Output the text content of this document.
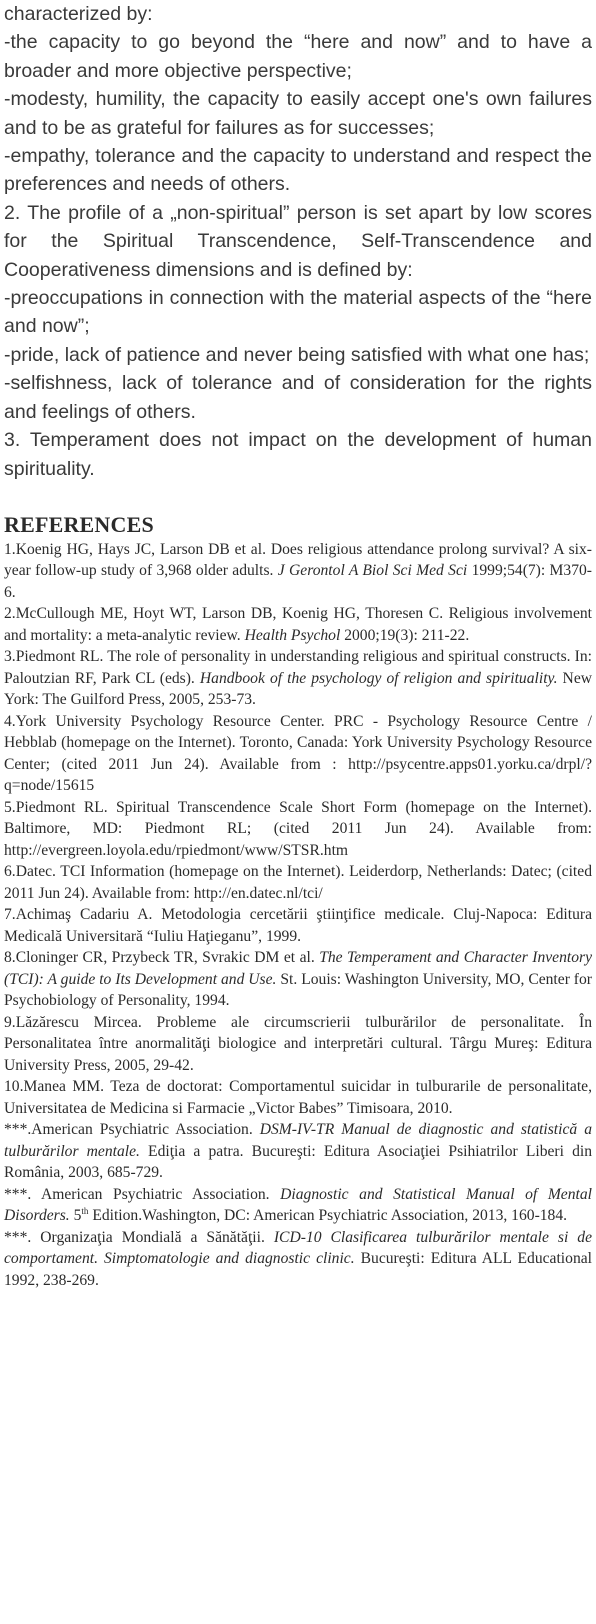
characterized by:

-the capacity to go beyond the “here and now” and to have a broader and more objective perspective;

-modesty, humility, the capacity to easily accept one's own failures and to be as grateful for failures as for successes;

-empathy, tolerance and the capacity to understand and respect the preferences and needs of others.

2. The profile of a „non-spiritual” person is set apart by low scores for the Spiritual Transcendence, Self-Transcendence and Cooperativeness dimensions and is defined by:

-preoccupations in connection with the material aspects of the “here and now”;

-pride, lack of patience and never being satisfied with what one has;

-selfishness, lack of tolerance and of consideration for the rights and feelings of others.

3. Temperament does not impact on the development of human spirituality.

REFERENCES

1.Koenig HG, Hays JC, Larson DB et al. Does religious attendance prolong survival? A six-year follow-up study of 3,968 older adults. J Gerontol A Biol Sci Med Sci 1999;54(7): M370-6.

2.McCullough ME, Hoyt WT, Larson DB, Koenig HG, Thoresen C. Religious involvement and mortality: a meta-analytic review. Health Psychol 2000;19(3): 211-22.

3.Piedmont RL. The role of personality in understanding religious and spiritual constructs. In: Paloutzian RF, Park CL (eds). Handbook of the psychology of religion and spirituality. New York: The Guilford Press, 2005, 253-73.

4.York University Psychology Resource Center. PRC - Psychology Resource Centre / Hebblab (homepage on the Internet). Toronto, Canada: York University Psychology Resource Center; (cited 2011 Jun 24). Available from : http://psycentre.apps01.yorku.ca/drpl/?q=node/15615

5.Piedmont RL. Spiritual Transcendence Scale Short Form (homepage on the Internet). Baltimore, MD: Piedmont RL; (cited 2011 Jun 24). Available from: http://evergreen.loyola.edu/rpiedmont/www/STSR.htm

6.Datec. TCI Information (homepage on the Internet). Leiderdorp, Netherlands: Datec; (cited 2011 Jun 24). Available from: http://en.datec.nl/tci/

7.Achimaş Cadariu A. Metodologia cercetării ştiinţifice medicale. Cluj-Napoca: Editura Medicală Universitară “Iuliu Haţieganu”, 1999.

8.Cloninger CR, Przybeck TR, Svrakic DM et al. The Temperament and Character Inventory (TCI): A guide to Its Development and Use. St. Louis: Washington University, MO, Center for Psychobiology of Personality, 1994.

9.Lăzărescu Mircea. Probleme ale circumscrierii tulburărilor de personalitate. În Personalitatea între anormalităţi biologice and interpretări cultural. Târgu Mureş: Editura University Press, 2005, 29-42.

10.Manea MM. Teza de doctorat: Comportamentul suicidar in tulburarile de personalitate, Universitatea de Medicina si Farmacie „Victor Babes” Timisoara, 2010.

***.American Psychiatric Association. DSM-IV-TR Manual de diagnostic and statistică a tulburărilor mentale. Ediţia a patra. Bucureşti: Editura Asociaţiei Psihiatrilor Liberi din România, 2003, 685-729.

***. American Psychiatric Association. Diagnostic and Statistical Manual of Mental Disorders. 5th Edition.Washington, DC: American Psychiatric Association, 2013, 160-184.

***. Organizaţia Mondială a Sănătăţii. ICD-10 Clasificarea tulburărilor mentale si de comportament. Simptomatologie and diagnostic clinic. Bucureşti: Editura ALL Educational 1992, 238-269.
